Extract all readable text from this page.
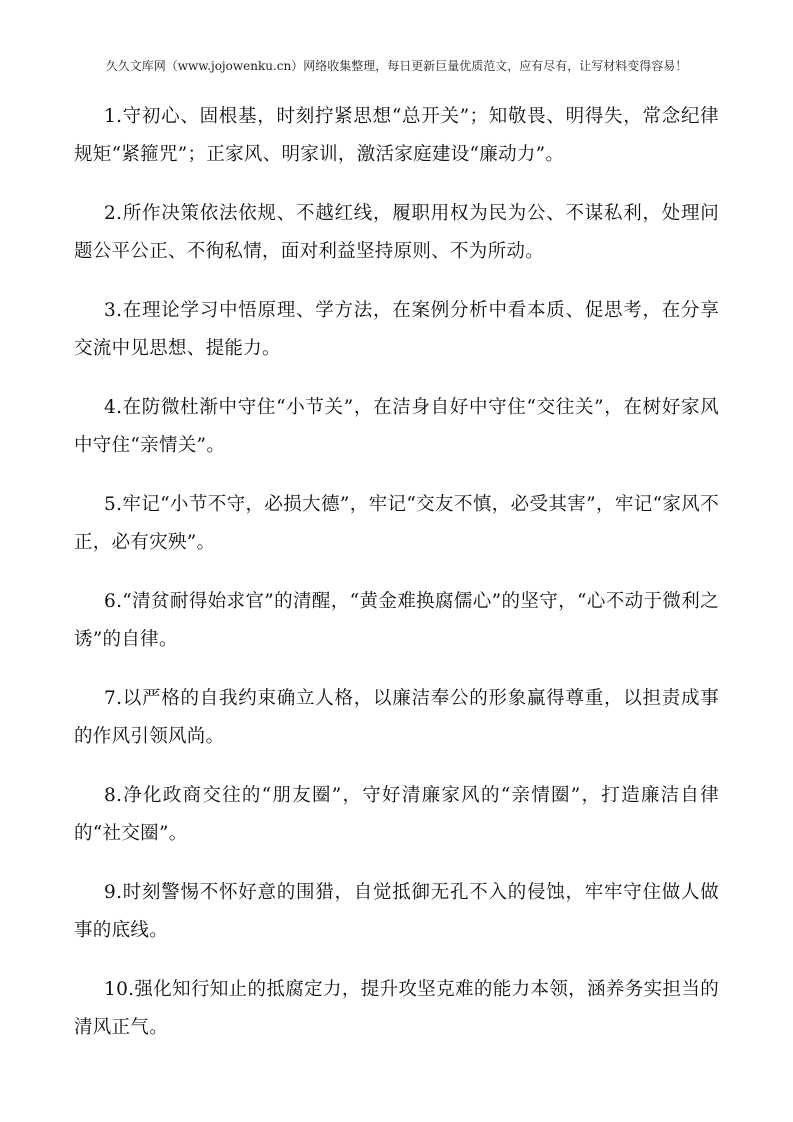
久久文库网（www.jojowenku.cn）网络收集整理，每日更新巨量优质范文，应有尽有，让写材料变得容易！

1.守初心、固根基，时刻拧紧思想“总开关”；知敬畏、明得失，常念纪律规矩“紧箍咒”；正家风、明家训，激活家庭建设“廉动力”。

2.所作决策依法依规、不越红线，履职用权为民为公、不谋私利，处理问题公平公正、不徇私情，面对利益坚持原则、不为所动。

3.在理论学习中悟原理、学方法，在案例分析中看本质、促思考，在分享交流中见思想、提能力。

4.在防微杜渐中守住“小节关”，在洁身自好中守住“交往关”，在树好家风中守住“亲情关”。

5.牢记“小节不守，必损大德”，牢记“交友不慎，必受其害”，牢记“家风不正，必有灾殃”。

6.“清贫耐得始求官”的清醒，“黄金难换腐儒心”的坚守，“心不动于微利之诱”的自律。

7.以严格的自我约束确立人格，以廉洁奉公的形象赢得尊重，以担责成事的作风引领风尚。

8.净化政商交往的“朋友圈”，守好清廉家风的“亲情圈”，打造廉洁自律的“社交圈”。

9.时刻警惕不怀好意的围猎，自觉抵御无孔不入的侵蚀，牢牢守住做人做事的底线。

10.强化知行知止的抵腐定力，提升攻坚克难的能力本领，涵养务实担当的清风正气。
